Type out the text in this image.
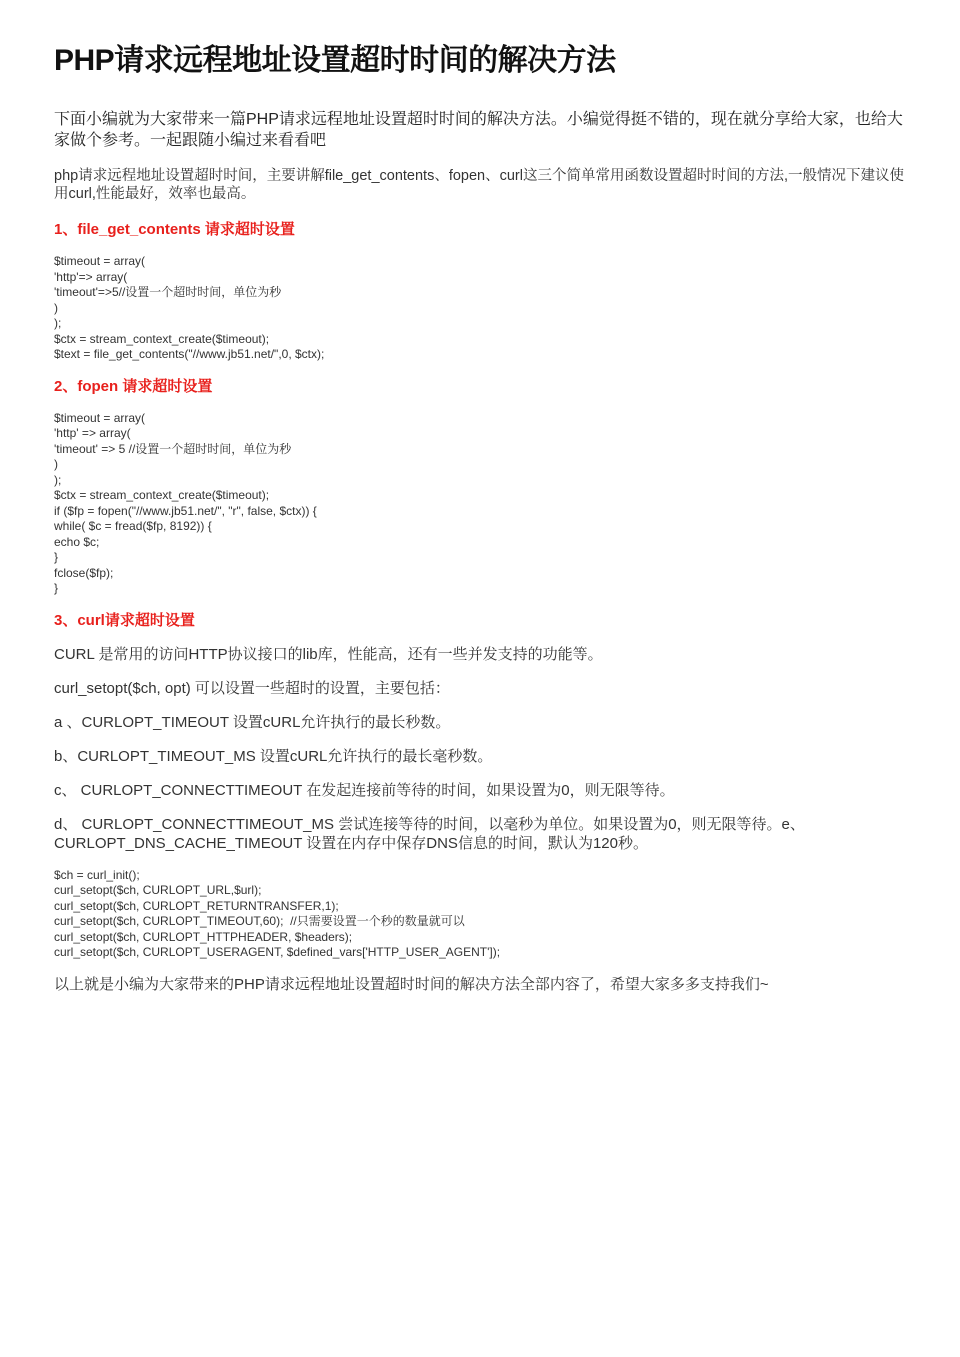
PHP请求远程地址设置超时时间的解决方法

下面小编就为大家带来一篇PHP请求远程地址设置超时时间的解决方法。小编觉得挺不错的，现在就分享给大家，也给大家做个参考。一起跟随小编过来看看吧

php请求远程地址设置超时时间，主要讲解file_get_contents、fopen、curl这三个简单常用函数设置超时时间的方法,一般情况下建议使用curl,性能最好，效率也最高。

1、file_get_contents 请求超时设置
$timeout = array(
'http'=> array(
'timeout'=>5//设置一个超时时间，单位为秒
)
);
$ctx = stream_context_create($timeout);
$text = file_get_contents("//www.jb51.net/",0, $ctx);
2、fopen 请求超时设置
$timeout = array(
'http' => array(
'timeout' => 5 //设置一个超时时间，单位为秒
)
);
$ctx = stream_context_create($timeout);
if ($fp = fopen("//www.jb51.net/", "r", false, $ctx)) {
while( $c = fread($fp, 8192)) {
echo $c;
}
fclose($fp);
}
3、curl请求超时设置

CURL 是常用的访问HTTP协议接口的lib库，性能高，还有一些并发支持的功能等。

curl_setopt($ch, opt) 可以设置一些超时的设置，主要包括：

a 、CURLOPT_TIMEOUT 设置cURL允许执行的最长秒数。

b、CURLOPT_TIMEOUT_MS 设置cURL允许执行的最长毫秒数。

c、 CURLOPT_CONNECTTIMEOUT 在发起连接前等待的时间，如果设置为0，则无限等待。

d、 CURLOPT_CONNECTTIMEOUT_MS 尝试连接等待的时间，以毫秒为单位。如果设置为0，则无限等待。e、 CURLOPT_DNS_CACHE_TIMEOUT 设置在内存中保存DNS信息的时间，默认为120秒。

$ch = curl_init();
curl_setopt($ch, CURLOPT_URL,$url);
curl_setopt($ch, CURLOPT_RETURNTRANSFER,1);
curl_setopt($ch, CURLOPT_TIMEOUT,60);  //只需要设置一个秒的数量就可以
curl_setopt($ch, CURLOPT_HTTPHEADER, $headers);
curl_setopt($ch, CURLOPT_USERAGENT, $defined_vars['HTTP_USER_AGENT']);

以上就是小编为大家带来的PHP请求远程地址设置超时时间的解决方法全部内容了，希望大家多多支持我们~
